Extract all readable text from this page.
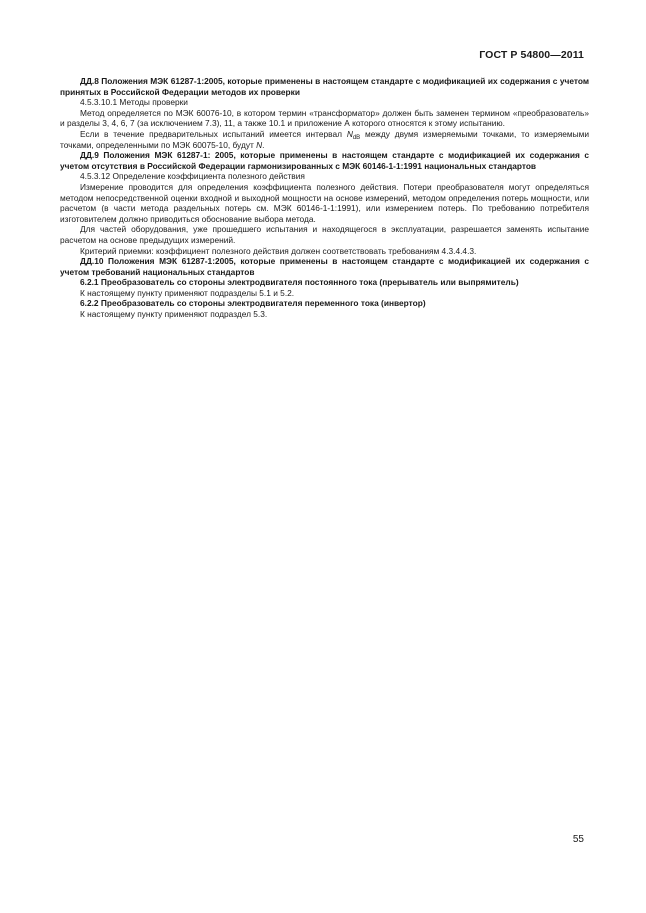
ГОСТ Р 54800—2011

ДД.8 Положения МЭК 61287-1:2005, которые применены в настоящем стандарте с модификацией их содержания с учетом принятых в Российской Федерации методов их проверки

4.5.3.10.1 Методы проверки

Метод определяется по МЭК 60076-10, в котором термин «трансформатор» должен быть заменен термином «преобразователь» и разделы 3, 4, 6, 7 (за исключением 7.3), 11, а также 10.1 и приложение А которого относятся к этому испытанию.

Если в течение предварительных испытаний имеется интервал $N_{dB}$ между двумя измеряемыми точками, то измеряемыми точками, определенными по МЭК 60075-10, будут N.

ДД.9 Положения МЭК 61287-1: 2005, которые применены в настоящем стандарте с модификацией их содержания с учетом отсутствия в Российской Федерации гармонизированных с МЭК 60146-1-1:1991 национальных стандартов

4.5.3.12 Определение коэффициента полезного действия

Измерение проводится для определения коэффициента полезного действия. Потери преобразователя могут определяться методом непосредственной оценки входной и выходной мощности на основе измерений, методом определения потерь мощности, или расчетом (в части метода раздельных потерь см. МЭК 60146-1-1:1991), или измерением потерь. По требованию потребителя изготовителем должно приводиться обоснование выбора метода.

Для частей оборудования, уже прошедшего испытания и находящегося в эксплуатации, разрешается заменять испытание расчетом на основе предыдущих измерений.

Критерий приемки: коэффициент полезного действия должен соответствовать требованиям 4.3.4.4.3.

ДД.10 Положения МЭК 61287-1:2005, которые применены в настоящем стандарте с модификацией их содержания с учетом требований национальных стандартов

6.2.1 Преобразователь со стороны электродвигателя постоянного тока (прерыватель или выпрямитель)

К настоящему пункту применяют подразделы 5.1 и 5.2.

6.2.2 Преобразователь со стороны электродвигателя переменного тока (инвертор)

К настоящему пункту применяют подраздел 5.3.

55
